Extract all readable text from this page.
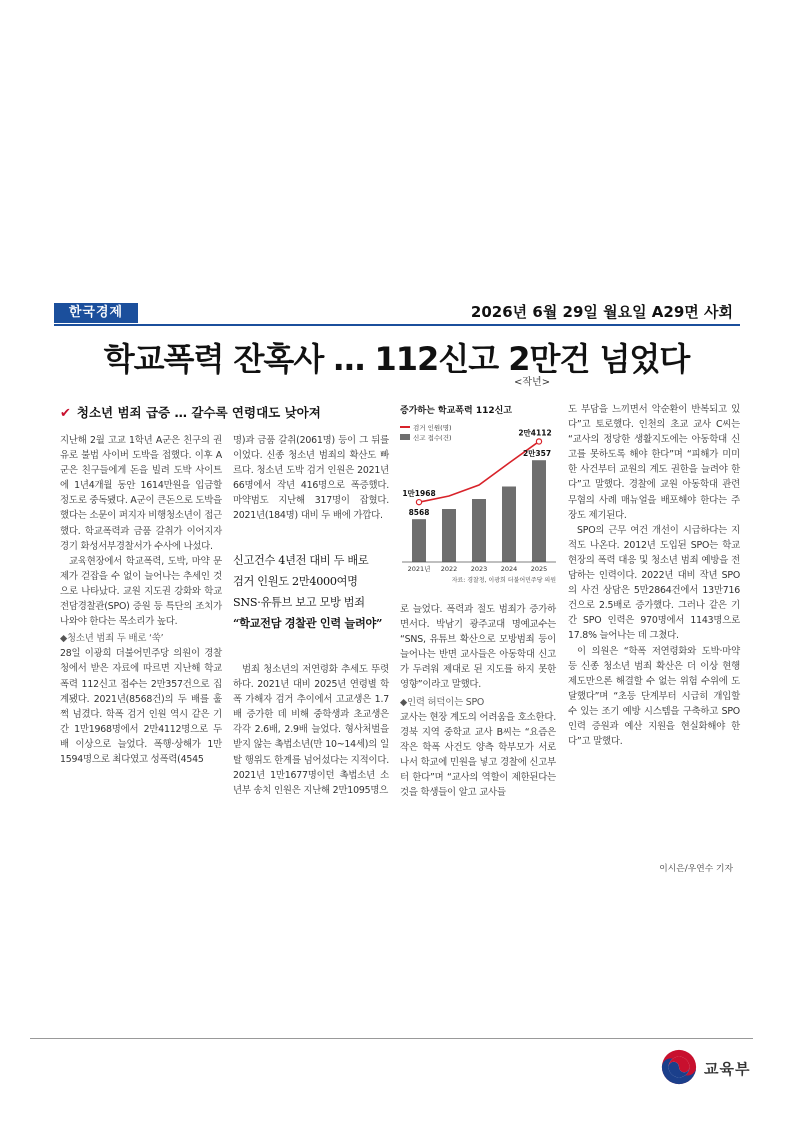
한국경제	2026년 6월 29일 월요일 A29면 사회
학교폭력 잔혹사 … 112신고 2만건 넘었다
<작년>
✔ 청소년 범죄 급증 … 갈수록 연령대도 낮아져

지난해 2월 고교 1학년 A군은 친구의 권유로 불법 사이버 도박을 접했다. 이후 A군은 친구들에게 돈을 빌려 도박 사이트에 1년4개월 동안 1614만원을 입금할 정도로 중독됐다. A군이 큰돈으로 도박을 했다는 소문이 퍼지자 비행청소년이 접근했다. 학교폭력과 금품 갈취가 이어지자 경기 화성서부경찰서가 수사에 나섰다.

교육현장에서 학교폭력, 도박, 마약 문제가 걷잡을 수 없이 늘어나는 추세인 것으로 나타났다. 교원 지도권 강화와 학교전담경찰관(SPO) 증원 등 특단의 조치가 나와야 한다는 목소리가 높다.

◆청소년 범죄 두 배로 ‘쑥’

28일 이광희 더불어민주당 의원이 경찰청에서 받은 자료에 따르면 지난해 학교폭력 112신고 접수는 2만357건으로 집계됐다. 2021년(8568건)의 두 배를 훌쩍 넘겼다. 학폭 검거 인원 역시 같은 기간 1만1968명에서 2만4112명으로 두 배 이상으로 늘었다. 폭행·상해가 1만1594명으로 최다였고 성폭력(4545

명)과 금품 갈취(2061명) 등이 그 뒤를 이었다. 신종 청소년 범죄의 확산도 빠르다. 청소년 도박 검거 인원은 2021년 66명에서 작년 416명으로 폭증했다. 마약범도 지난해 317명이 잡혔다. 2021년(184명) 대비 두 배에 가깝다.

신고건수 4년전 대비 두 배로
검거 인원도 2만4000여명
SNS·유튜브 보고 모방 범죄
“학교전담 경찰관 인력 늘려야”

범죄 청소년의 저연령화 추세도 뚜렷하다. 2021년 대비 2025년 연령별 학폭 가해자 검거 추이에서 고교생은 1.7배 증가한 데 비해 중학생과 초교생은 각각 2.6배, 2.9배 늘었다. 형사처벌을 받지 않는 촉법소년(만 10~14세)의 일탈 행위도 한계를 넘어섰다는 지적이다. 2021년 1만1677명이던 촉법소년 소년부 송치 인원은 지난해 2만1095명으

증가하는 학교폭력 112신고
검거 인원(명)
신고 접수(건)
2021년 2022 2023 2024 2025
1만1968
2만4112
8568
2만357
자료: 경찰청, 이광희 더불어민주당 의원

로 늘었다. 폭력과 절도 범죄가 증가하면서다. 박남기 광주교대 명예교수는 “SNS, 유튜브 확산으로 모방범죄 등이 늘어나는 반면 교사들은 아동학대 신고가 두려워 제대로 된 지도를 하지 못한 영향”이라고 말했다.

◆인력 허덕이는 SPO

교사는 현장 계도의 어려움을 호소한다. 경북 지역 중학교 교사 B씨는 “요즘은 작은 학폭 사건도 양측 학부모가 서로 나서 학교에 민원을 넣고 경찰에 신고부터 한다”며 “교사의 역할이 제한된다는 것을 학생들이 알고 교사들

도 부담을 느끼면서 악순환이 반복되고 있다”고 토로했다. 인천의 초교 교사 C씨는 “교사의 정당한 생활지도에는 아동학대 신고를 못하도록 해야 한다”며 “피해가 미미한 사건부터 교원의 계도 권한을 늘려야 한다”고 말했다. 경찰에 교원 아동학대 관련 무혐의 사례 매뉴얼을 배포해야 한다는 주장도 제기된다.

SPO의 근무 여건 개선이 시급하다는 지적도 나온다. 2012년 도입된 SPO는 학교 현장의 폭력 대응 및 청소년 범죄 예방을 전담하는 인력이다. 2022년 대비 작년 SPO의 사건 상담은 5만2864건에서 13만716건으로 2.5배로 증가했다. 그러나 같은 기간 SPO 인력은 970명에서 1143명으로 17.8% 늘어나는 데 그쳤다.

이 의원은 “학폭 저연령화와 도박·마약 등 신종 청소년 범죄 확산은 더 이상 현행 제도만으론 해결할 수 없는 위험 수위에 도달했다”며 “초등 단계부터 시급히 개입할 수 있는 조기 예방 시스템을 구축하고 SPO 인력 증원과 예산 지원을 현실화해야 한다”고 말했다.

이시은/우연수 기자
교육부
